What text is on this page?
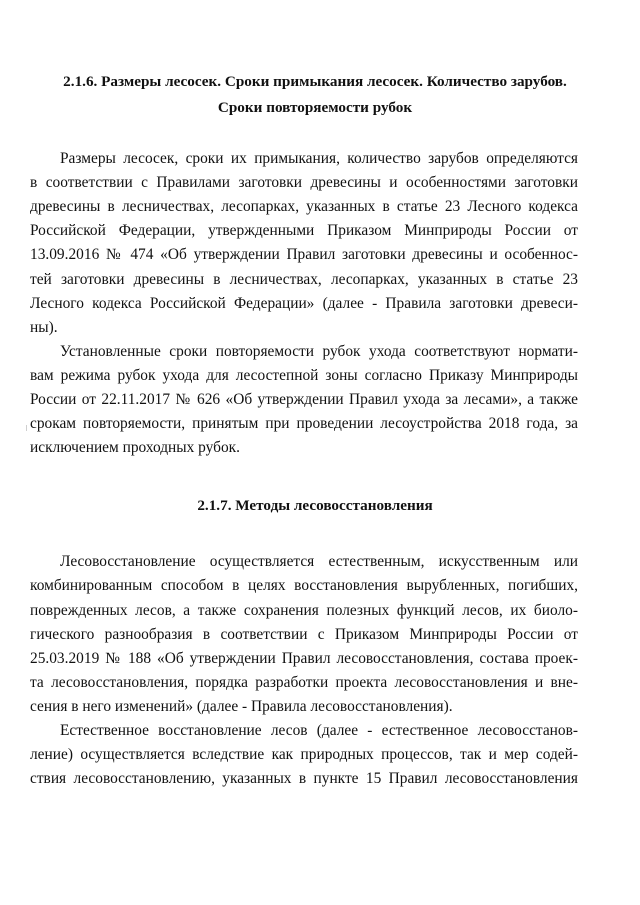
2.1.6. Размеры лесосек. Сроки примыкания лесосек. Количество зарубов.

Сроки повторяемости рубок

Размеры лесосек, сроки их примыкания, количество зарубов определяются
в соответствии с Правилами заготовки древесины и особенностями заготовки
древесины в лесничествах, лесопарках, указанных в статье 23 Лесного кодекса
Российской Федерации, утвержденными Приказом Минприроды России от
13.09.2016 № 474 «Об утверждении Правил заготовки древесины и особеннос-
тей заготовки древесины в лесничествах, лесопарках, указанных в статье 23
Лесного кодекса Российской Федерации» (далее - Правила заготовки древеси-
ны).
Установленные сроки повторяемости рубок ухода соответствуют нормати-
вам режима рубок ухода для лесостепной зоны согласно Приказу Минприроды
России от 22.11.2017 № 626 «Об утверждении Правил ухода за лесами», а также
срокам повторяемости, принятым при проведении лесоустройства 2018 года, за
исключением проходных рубок.

2.1.7. Методы лесовосстановления

Лесовосстановление осуществляется естественным, искусственным или
комбинированным способом в целях восстановления вырубленных, погибших,
поврежденных лесов, а также сохранения полезных функций лесов, их биоло-
гического разнообразия в соответствии с Приказом Минприроды России от
25.03.2019 № 188 «Об утверждении Правил лесовосстановления, состава проек-
та лесовосстановления, порядка разработки проекта лесовосстановления и вне-
сения в него изменений» (далее - Правила лесовосстановления).
Естественное восстановление лесов (далее - естественное лесовосстанов-
ление) осуществляется вследствие как природных процессов, так и мер содей-
ствия лесовосстановлению, указанных в пункте 15 Правил лесовосстановления
